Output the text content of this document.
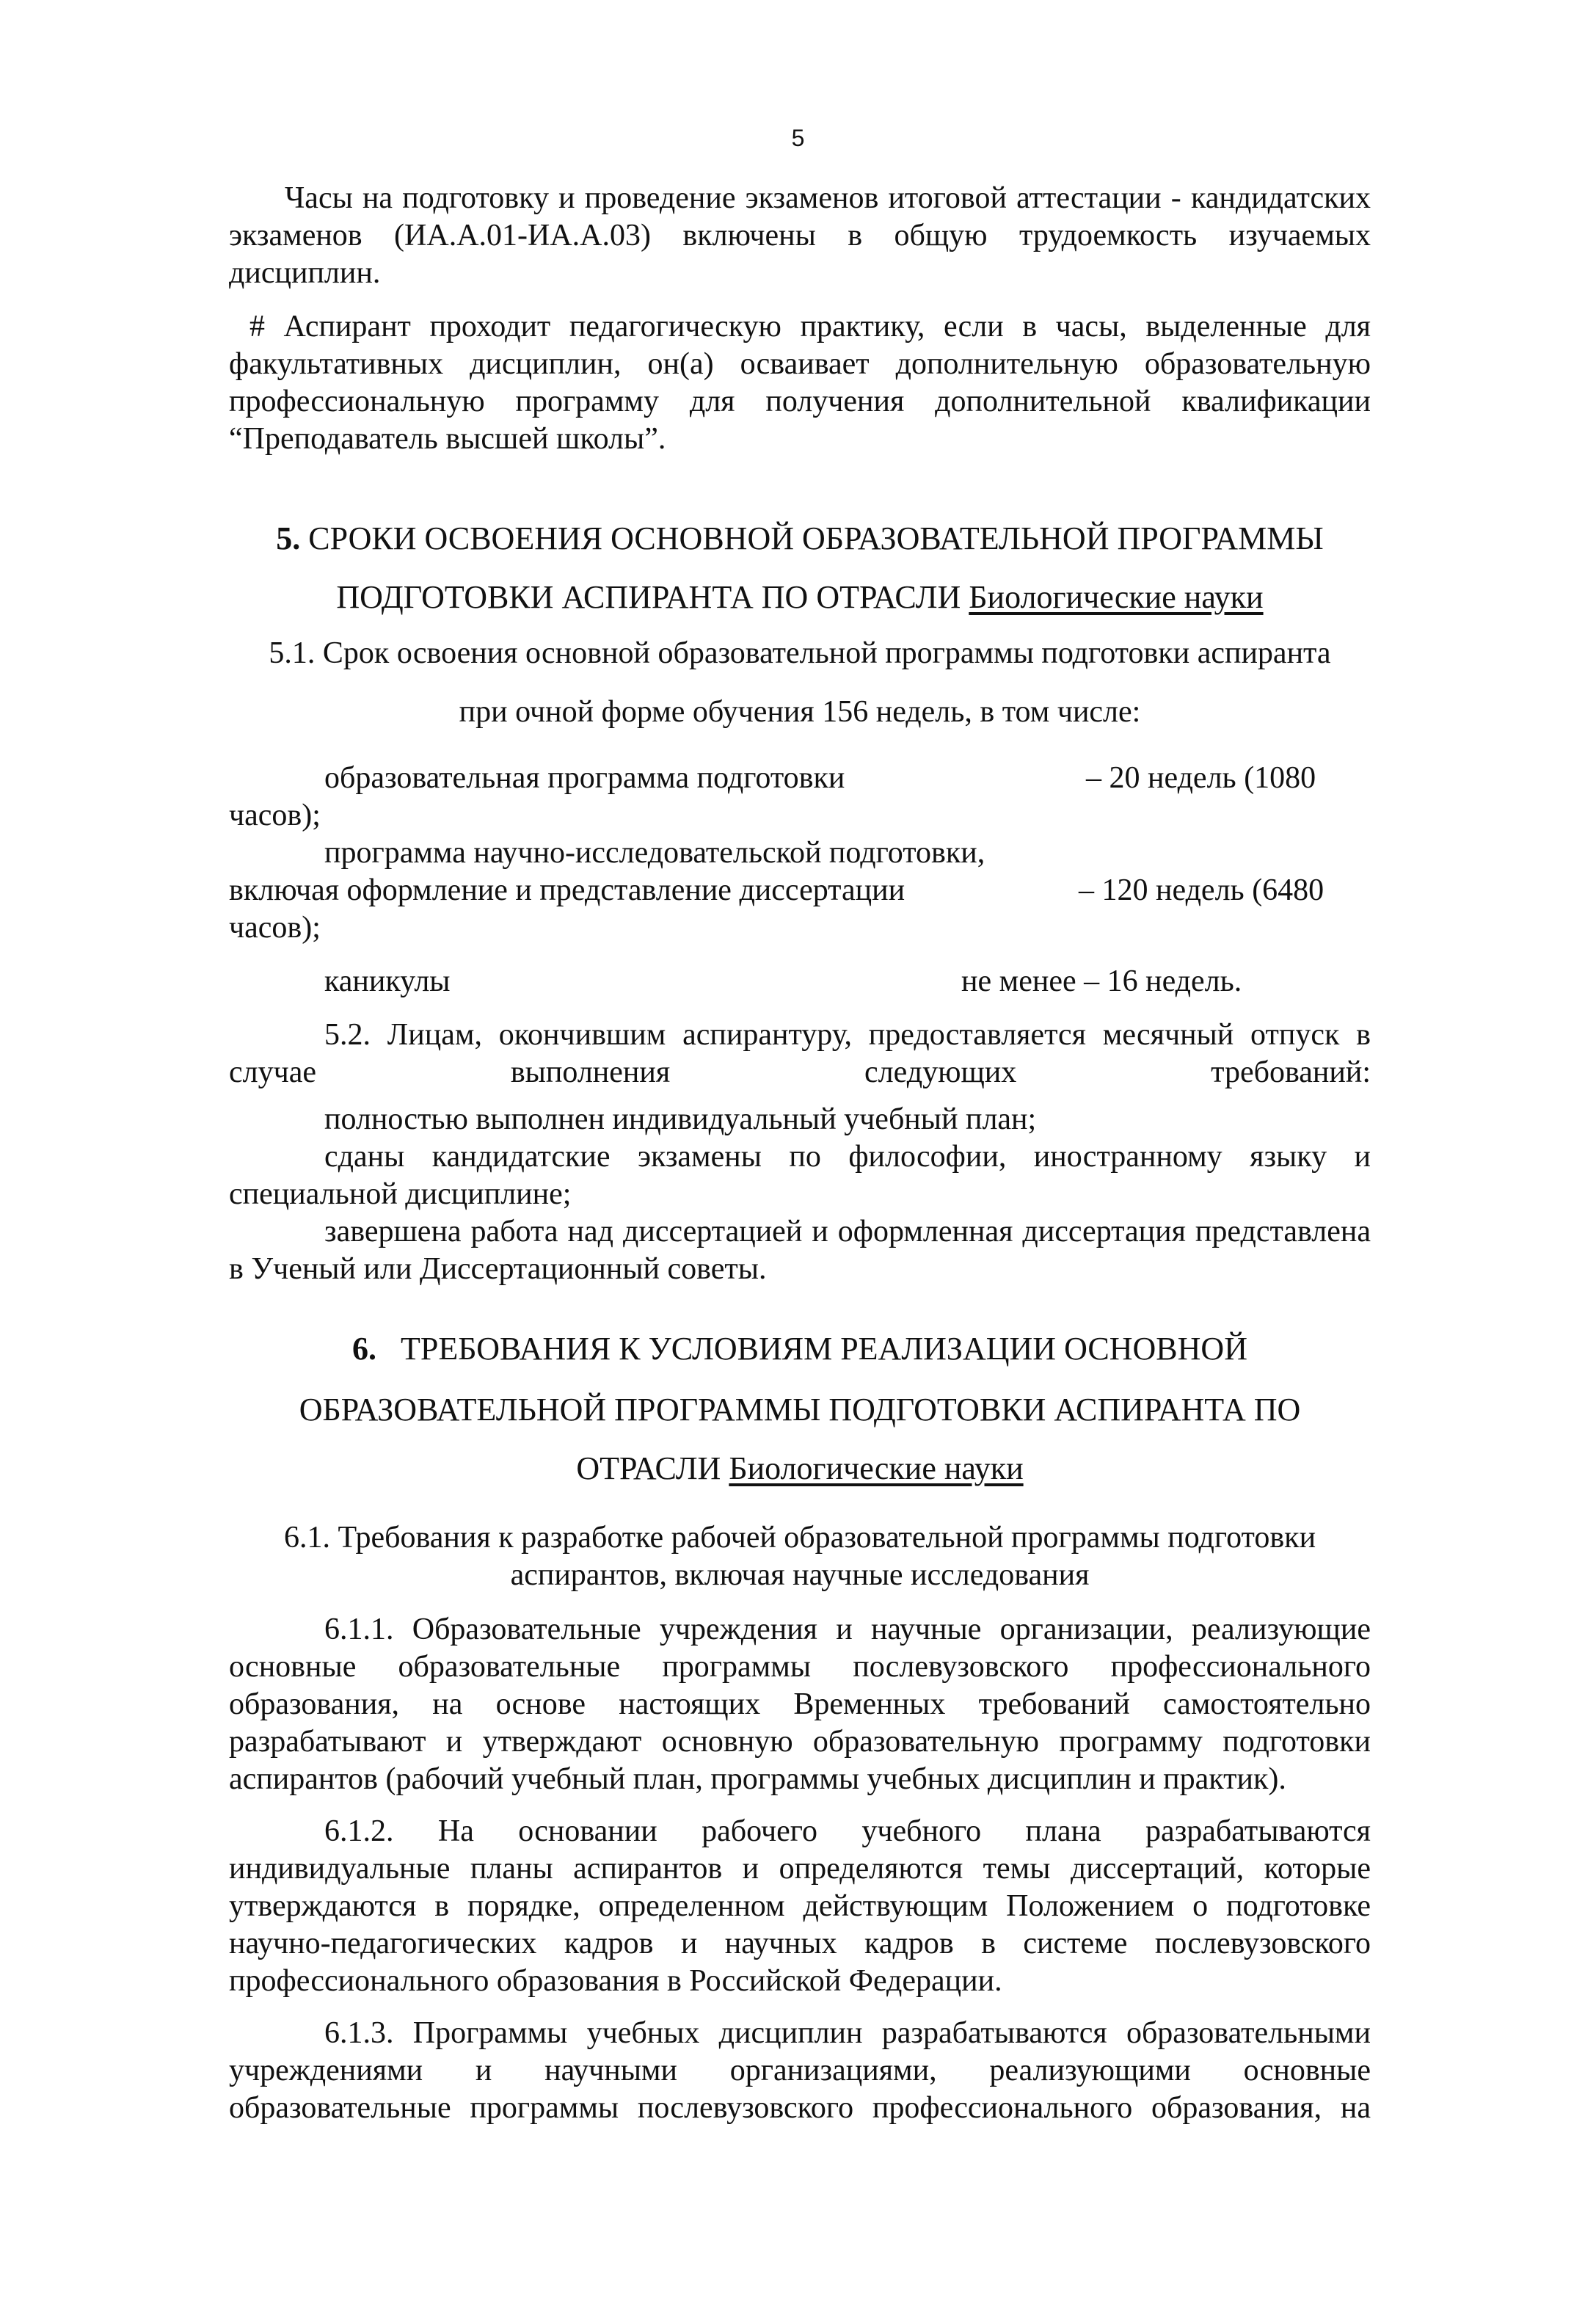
5

Часы на подготовку и проведение экзаменов итоговой аттестации - кандидатских экзаменов (ИА.А.01-ИА.А.03) включены в общую трудоемкость изучаемых дисциплин.

# Аспирант проходит педагогическую практику, если в часы, выделенные для факультативных дисциплин, он(а) осваивает дополнительную образовательную профессиональную программу для получения дополнительной квалификации “Преподаватель высшей школы”.

5. СРОКИ ОСВОЕНИЯ ОСНОВНОЙ ОБРАЗОВАТЕЛЬНОЙ ПРОГРАММЫ
ПОДГОТОВКИ АСПИРАНТА ПО ОТРАСЛИ Биологические науки
5.1. Срок освоения основной образовательной программы подготовки аспиранта
при очной форме обучения 156 недель, в том числе:
образовательная программа подготовки	– 20 недель (1080
часов);
программа научно-исследовательской подготовки,
включая оформление и представление диссертации	– 120 недель (6480
часов);
каникулы	не менее – 16 недель.

5.2. Лицам, окончившим аспирантуру, предоставляется месячный отпуск в случае выполнения следующих требований:

полностью выполнен индивидуальный учебный план;

сданы кандидатские экзамены по философии, иностранному языку и специальной дисциплине;

завершена работа над диссертацией и оформленная диссертация представлена в Ученый или Диссертационный советы.

6. ТРЕБОВАНИЯ К УСЛОВИЯМ РЕАЛИЗАЦИИ ОСНОВНОЙ
ОБРАЗОВАТЕЛЬНОЙ ПРОГРАММЫ ПОДГОТОВКИ АСПИРАНТА ПО
ОТРАСЛИ Биологические науки
6.1. Требования к разработке рабочей образовательной программы подготовки
аспирантов, включая научные исследования

6.1.1. Образовательные учреждения и научные организации, реализующие основные образовательные программы послевузовского профессионального образования, на основе настоящих Временных требований самостоятельно разрабатывают и утверждают основную образовательную программу подготовки аспирантов (рабочий учебный план, программы учебных дисциплин и практик).

6.1.2. На основании рабочего учебного плана разрабатываются индивидуальные планы аспирантов и определяются темы диссертаций, которые утверждаются в порядке, определенном действующим Положением о подготовке научно-педагогических кадров и научных кадров в системе послевузовского профессионального образования в Российской Федерации.

6.1.3. Программы учебных дисциплин разрабатываются образовательными учреждениями и научными организациями, реализующими основные образовательные программы послевузовского профессионального образования, на
